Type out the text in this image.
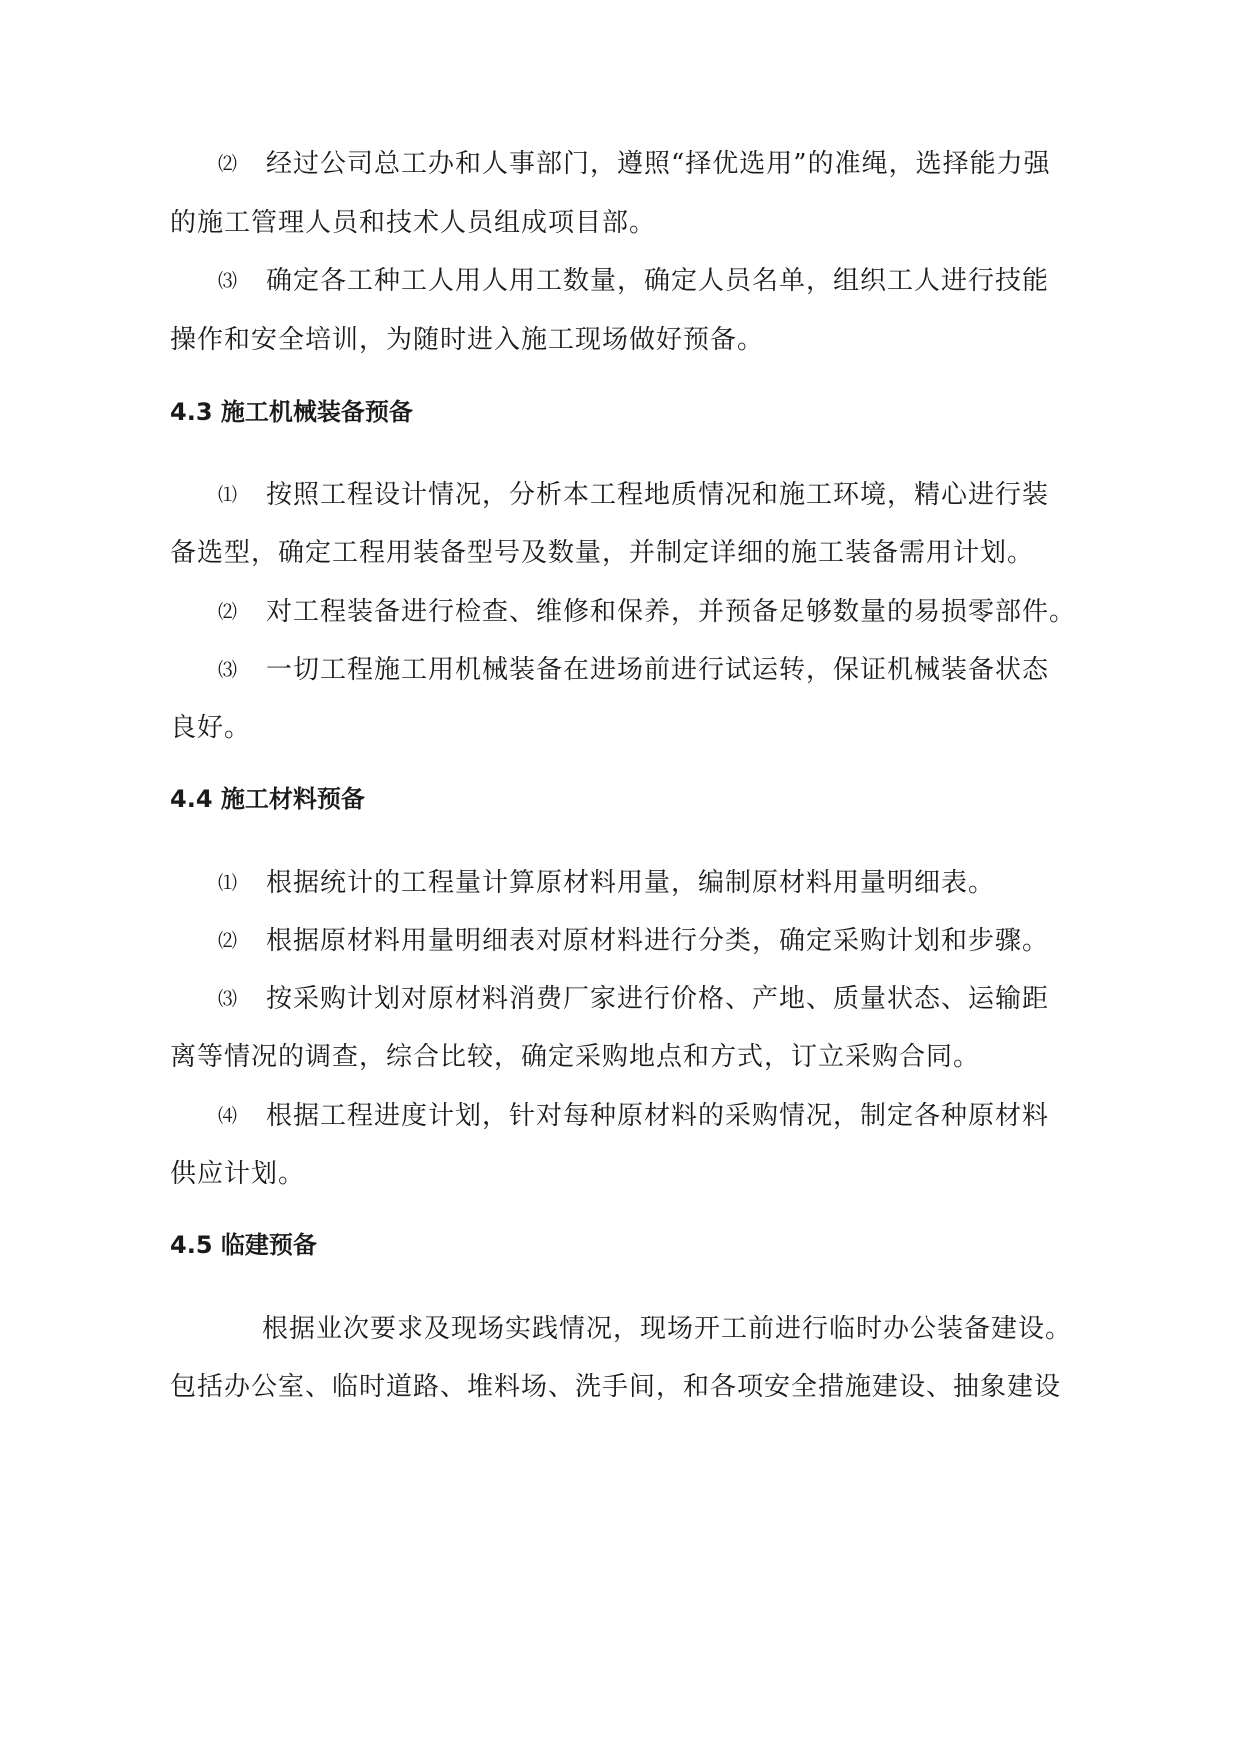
⑵ 经过公司总工办和人事部门，遵照“择优选用”的准绳，选择能力强
的施工管理人员和技术人员组成项目部。
⑶ 确定各工种工人用人用工数量，确定人员名单，组织工人进行技能
操作和安全培训，为随时进入施工现场做好预备。
4.3 施工机械装备预备
⑴ 按照工程设计情况，分析本工程地质情况和施工环境，精心进行装
备选型，确定工程用装备型号及数量，并制定详细的施工装备需用计划。
⑵ 对工程装备进行检查、维修和保养，并预备足够数量的易损零部件。
⑶ 一切工程施工用机械装备在进场前进行试运转，保证机械装备状态
良好。
4.4 施工材料预备
⑴ 根据统计的工程量计算原材料用量，编制原材料用量明细表。
⑵ 根据原材料用量明细表对原材料进行分类，确定采购计划和步骤。
⑶ 按采购计划对原材料消费厂家进行价格、产地、质量状态、运输距
离等情况的调查，综合比较，确定采购地点和方式，订立采购合同。
⑷ 根据工程进度计划，针对每种原材料的采购情况，制定各种原材料
供应计划。
4.5 临建预备
根据业次要求及现场实践情况，现场开工前进行临时办公装备建设。
包括办公室、临时道路、堆料场、洗手间，和各项安全措施建设、抽象建设
